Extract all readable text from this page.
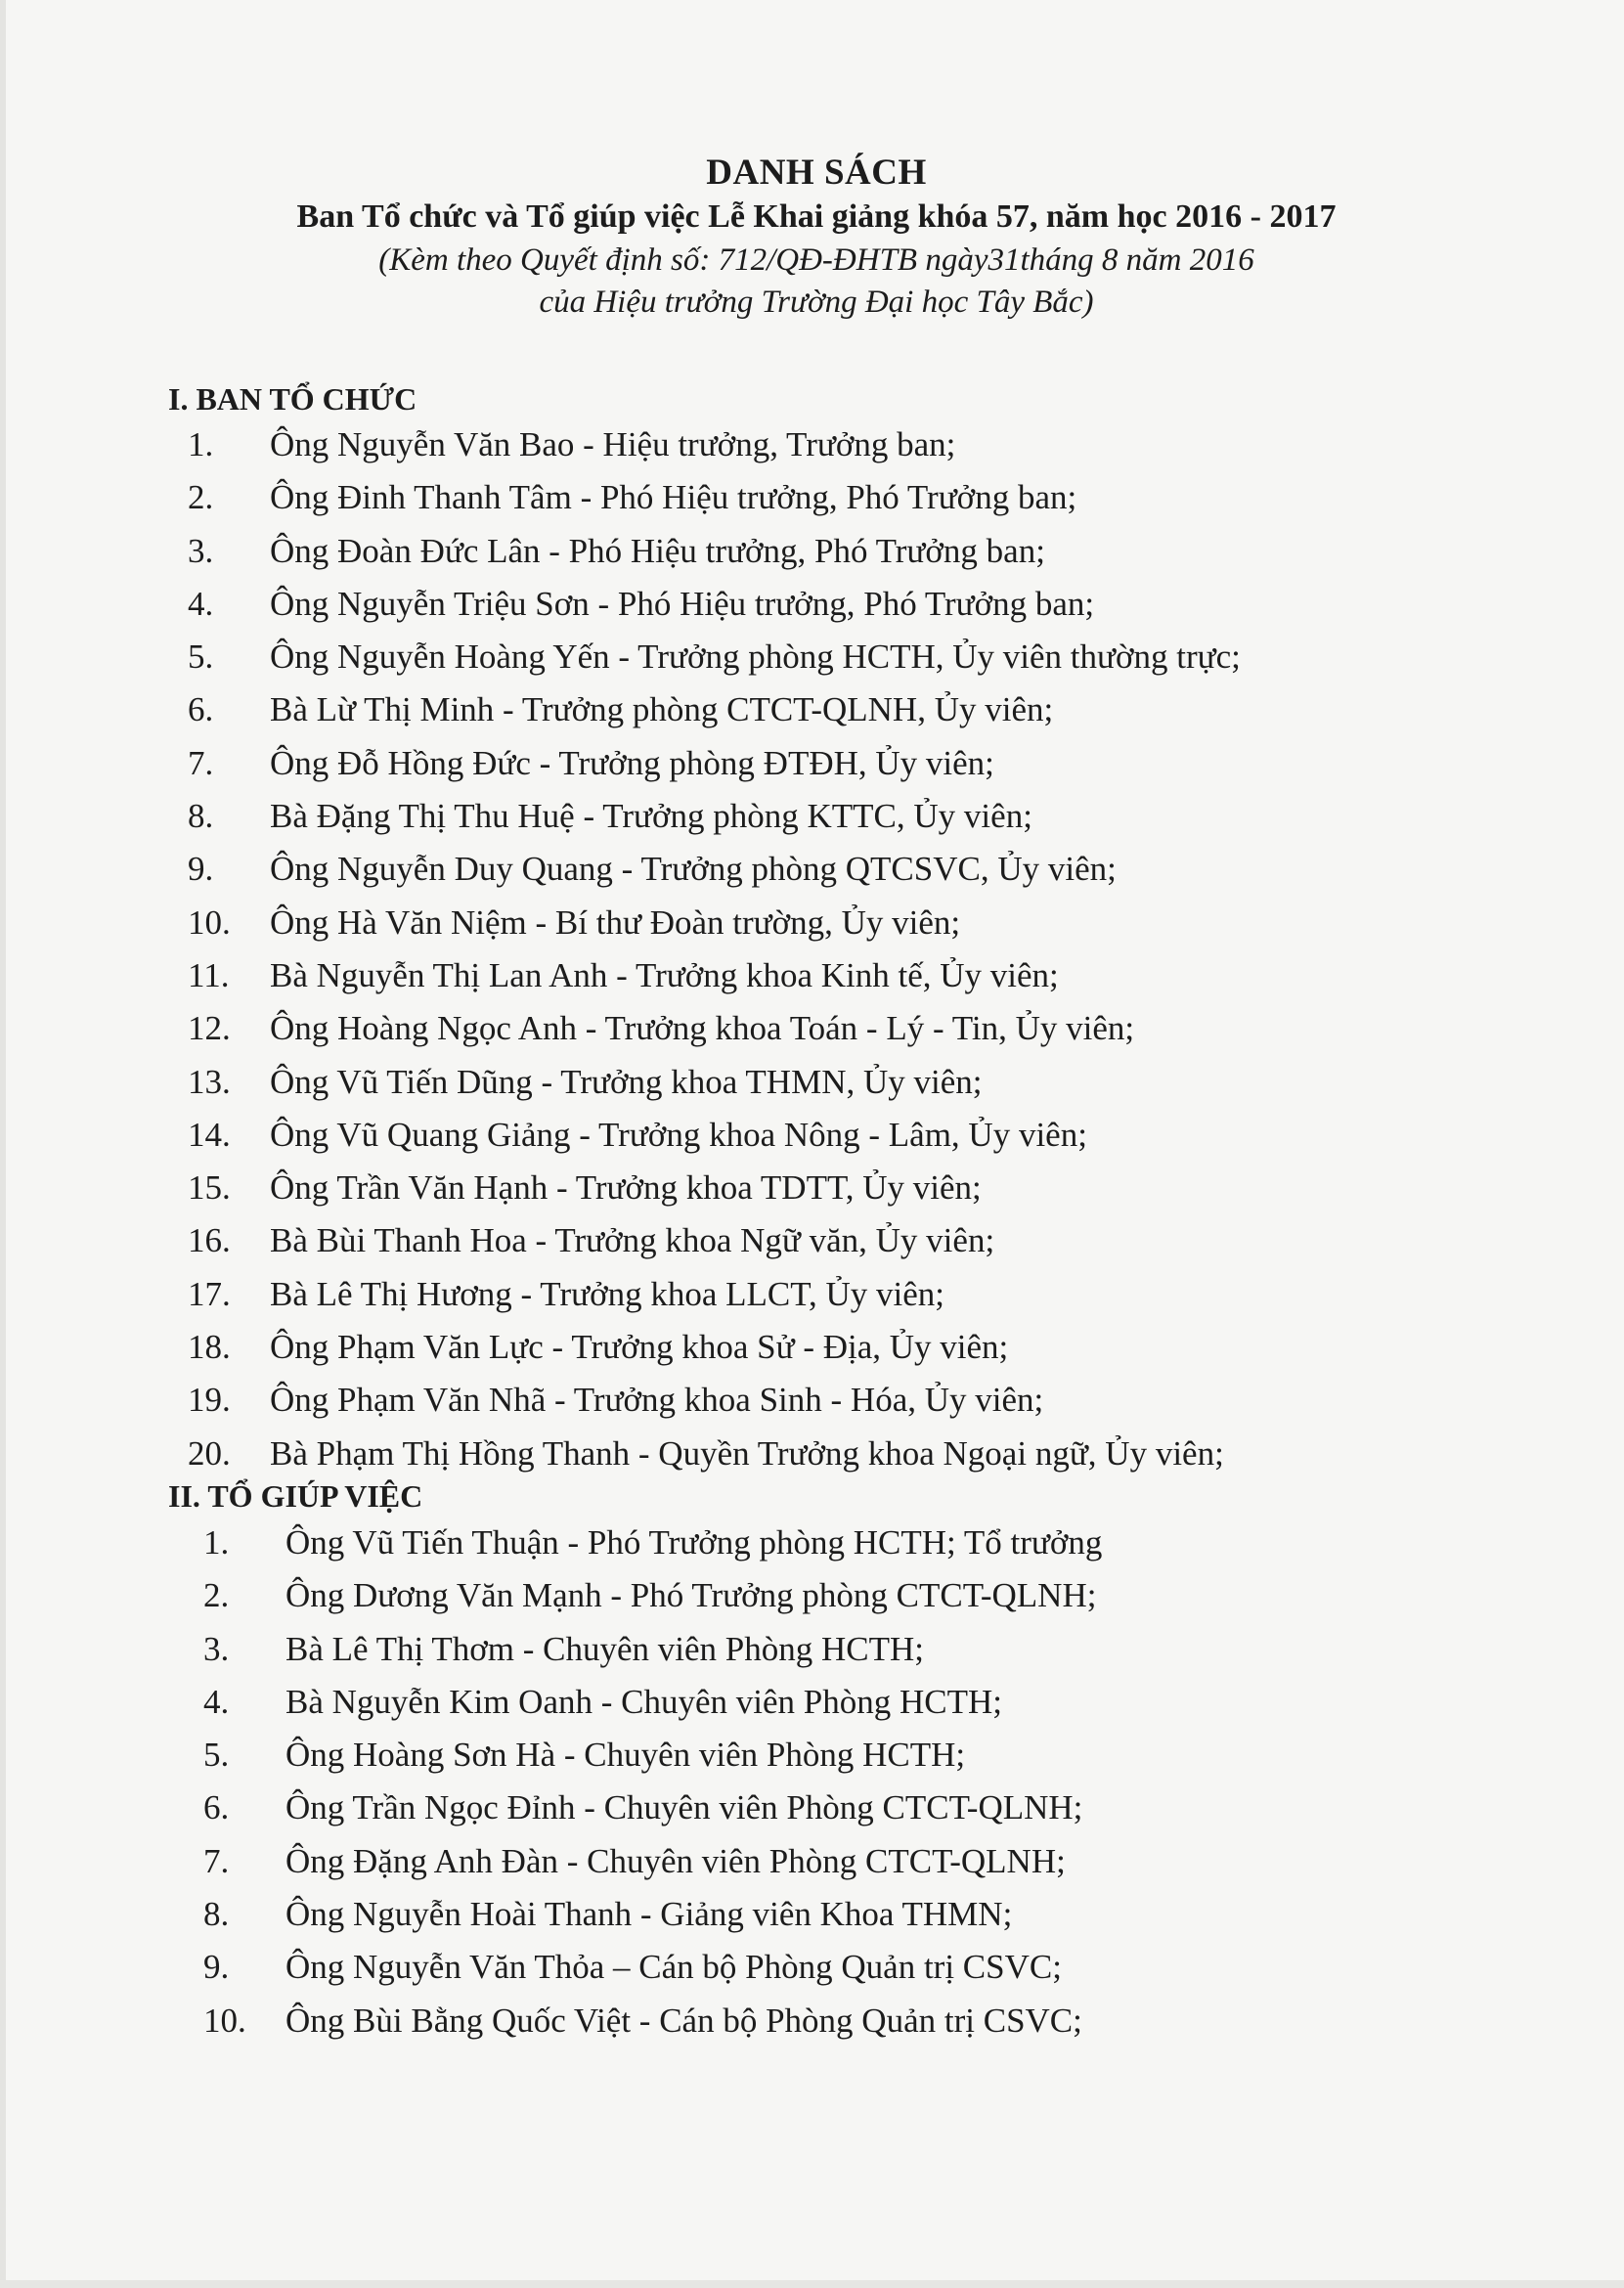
DANH SÁCH
Ban Tổ chức và Tổ giúp việc Lễ Khai giảng khóa 57, năm học 2016 - 2017
(Kèm theo Quyết định số: 712/QĐ-ĐHTB ngày31tháng 8 năm 2016
của Hiệu trưởng Trường Đại học Tây Bắc)
I. BAN TỔ CHỨC
1.	Ông Nguyễn Văn Bao - Hiệu trưởng, Trưởng ban;
2.	Ông Đinh Thanh Tâm - Phó Hiệu trưởng, Phó Trưởng ban;
3.	Ông Đoàn Đức Lân - Phó Hiệu trưởng, Phó Trưởng ban;
4.	Ông Nguyễn Triệu Sơn - Phó Hiệu trưởng, Phó Trưởng ban;
5.	Ông Nguyễn Hoàng Yến - Trưởng phòng HCTH, Ủy viên thường trực;
6.	Bà Lừ Thị Minh - Trưởng phòng CTCT-QLNH, Ủy viên;
7.	Ông Đỗ Hồng Đức - Trưởng phòng ĐTĐH, Ủy viên;
8.	Bà Đặng Thị Thu Huệ - Trưởng phòng KTTC, Ủy viên;
9.	Ông Nguyễn Duy Quang - Trưởng phòng QTCSVC, Ủy viên;
10.	Ông Hà Văn Niệm - Bí thư Đoàn trường, Ủy viên;
11.	Bà Nguyễn Thị Lan Anh - Trưởng khoa Kinh tế, Ủy viên;
12.	Ông Hoàng Ngọc Anh - Trưởng khoa Toán - Lý - Tin, Ủy viên;
13.	Ông Vũ Tiến Dũng - Trưởng khoa THMN, Ủy viên;
14.	Ông Vũ Quang Giảng - Trưởng khoa Nông - Lâm, Ủy viên;
15.	Ông Trần Văn Hạnh - Trưởng khoa TDTT, Ủy viên;
16.	Bà Bùi Thanh Hoa - Trưởng khoa Ngữ văn, Ủy viên;
17.	Bà Lê Thị Hương - Trưởng khoa LLCT, Ủy viên;
18.	Ông Phạm Văn Lực - Trưởng khoa Sử - Địa, Ủy viên;
19.	Ông Phạm Văn Nhã - Trưởng khoa Sinh - Hóa, Ủy viên;
20.	Bà Phạm Thị Hồng Thanh - Quyền Trưởng khoa Ngoại ngữ, Ủy viên;
II. TỔ GIÚP VIỆC
1.	Ông Vũ Tiến Thuận - Phó Trưởng phòng HCTH; Tổ trưởng
2.	Ông Dương Văn Mạnh - Phó Trưởng phòng CTCT-QLNH;
3.	Bà Lê Thị Thơm - Chuyên viên Phòng HCTH;
4.	Bà Nguyễn Kim Oanh - Chuyên viên Phòng HCTH;
5.	Ông Hoàng Sơn Hà - Chuyên viên Phòng HCTH;
6.	Ông Trần Ngọc Đỉnh - Chuyên viên Phòng CTCT-QLNH;
7.	Ông Đặng Anh Đàn - Chuyên viên Phòng CTCT-QLNH;
8.	Ông Nguyễn Hoài Thanh - Giảng viên Khoa THMN;
9.	Ông Nguyễn Văn Thỏa – Cán bộ Phòng Quản trị CSVC;
10.	Ông Bùi Bằng Quốc Việt - Cán bộ Phòng Quản trị CSVC;
